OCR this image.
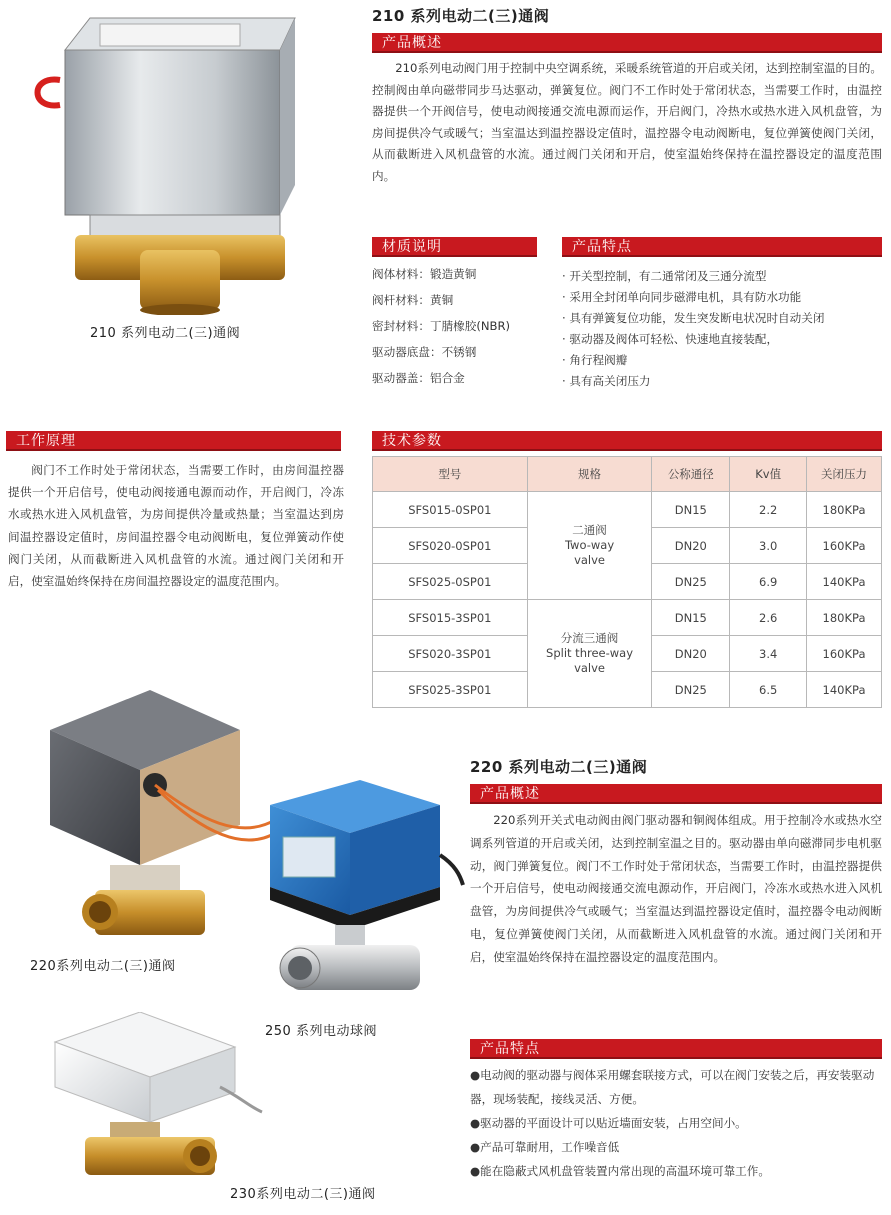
210 系列电动二(三)通阀
210 系列电动二(三)通阀
产品概述

210系列电动阀门用于控制中央空调系统，采暖系统管道的开启或关闭，达到控制室温的目的。控制阀由单向磁带同步马达驱动，弹簧复位。阀门不工作时处于常闭状态，当需要工作时，由温控器提供一个开阀信号，使电动阀接通交流电源而运作，开启阀门，冷热水或热水进入风机盘管，为房间提供冷气或暖气；当室温达到温控器设定值时，温控器令电动阀断电，复位弹簧使阀门关闭，从而截断进入风机盘管的水流。通过阀门关闭和开启，使室温始终保持在温控器设定的温度范围内。

材质说明
阀体材料：锻造黄铜
阀杆材料：黄铜
密封材料：丁腈橡胶(NBR)
驱动器底盘：不锈钢
驱动器盖：铝合金
产品特点
· 开关型控制，有二通常闭及三通分流型
· 采用全封闭单向同步磁滞电机，具有防水功能
· 具有弹簧复位功能，发生突发断电状况时自动关闭
· 驱动器及阀体可轻松、快速地直接装配，
· 角行程阀瓣
· 具有高关闭压力
工作原理

阀门不工作时处于常闭状态，当需要工作时，由房间温控器提供一个开启信号，使电动阀接通电源而动作，开启阀门，冷冻水或热水进入风机盘管，为房间提供冷量或热量；当室温达到房间温控器设定值时，房间温控器令电动阀断电，复位弹簧动作使阀门关闭，从而截断进入风机盘管的水流。通过阀门关闭和开启，使室温始终保持在房间温控器设定的温度范围内。

技术参数
型号	规格	公称通径	Kv值	关闭压力
SFS015-0SP01	二通阀
Two-way
valve	DN15	2.2	180KPa
SFS020-0SP01		DN20	3.0	160KPa
SFS025-0SP01		DN25	6.9	140KPa
SFS015-3SP01	分流三通阀
Split three-way
valve	DN15	2.6	180KPa
SFS020-3SP01		DN20	3.4	160KPa
SFS025-3SP01		DN25	6.5	140KPa
220系列电动二(三)通阀
250 系列电动球阀
230系列电动二(三)通阀
220 系列电动二(三)通阀
产品概述

220系列开关式电动阀由阀门驱动器和铜阀体组成。用于控制冷水或热水空调系列管道的开启或关闭，达到控制室温之目的。驱动器由单向磁滞同步电机驱动，阀门弹簧复位。阀门不工作时处于常闭状态，当需要工作时，由温控器提供一个开启信号，使电动阀接通交流电源动作，开启阀门，冷冻水或热水进入风机盘管，为房间提供冷气或暖气；当室温达到温控器设定值时，温控器令电动阀断电，复位弹簧使阀门关闭，从而截断进入风机盘管的水流。通过阀门关闭和开启，使室温始终保持在温控器设定的温度范围内。

产品特点
●电动阀的驱动器与阀体采用螺套联接方式，可以在阀门安装之后，再安装驱动器，现场装配，接线灵活、方便。
●驱动器的平面设计可以贴近墙面安装，占用空间小。
●产品可靠耐用，工作噪音低
●能在隐蔽式风机盘管装置内常出现的高温环境可靠工作。
